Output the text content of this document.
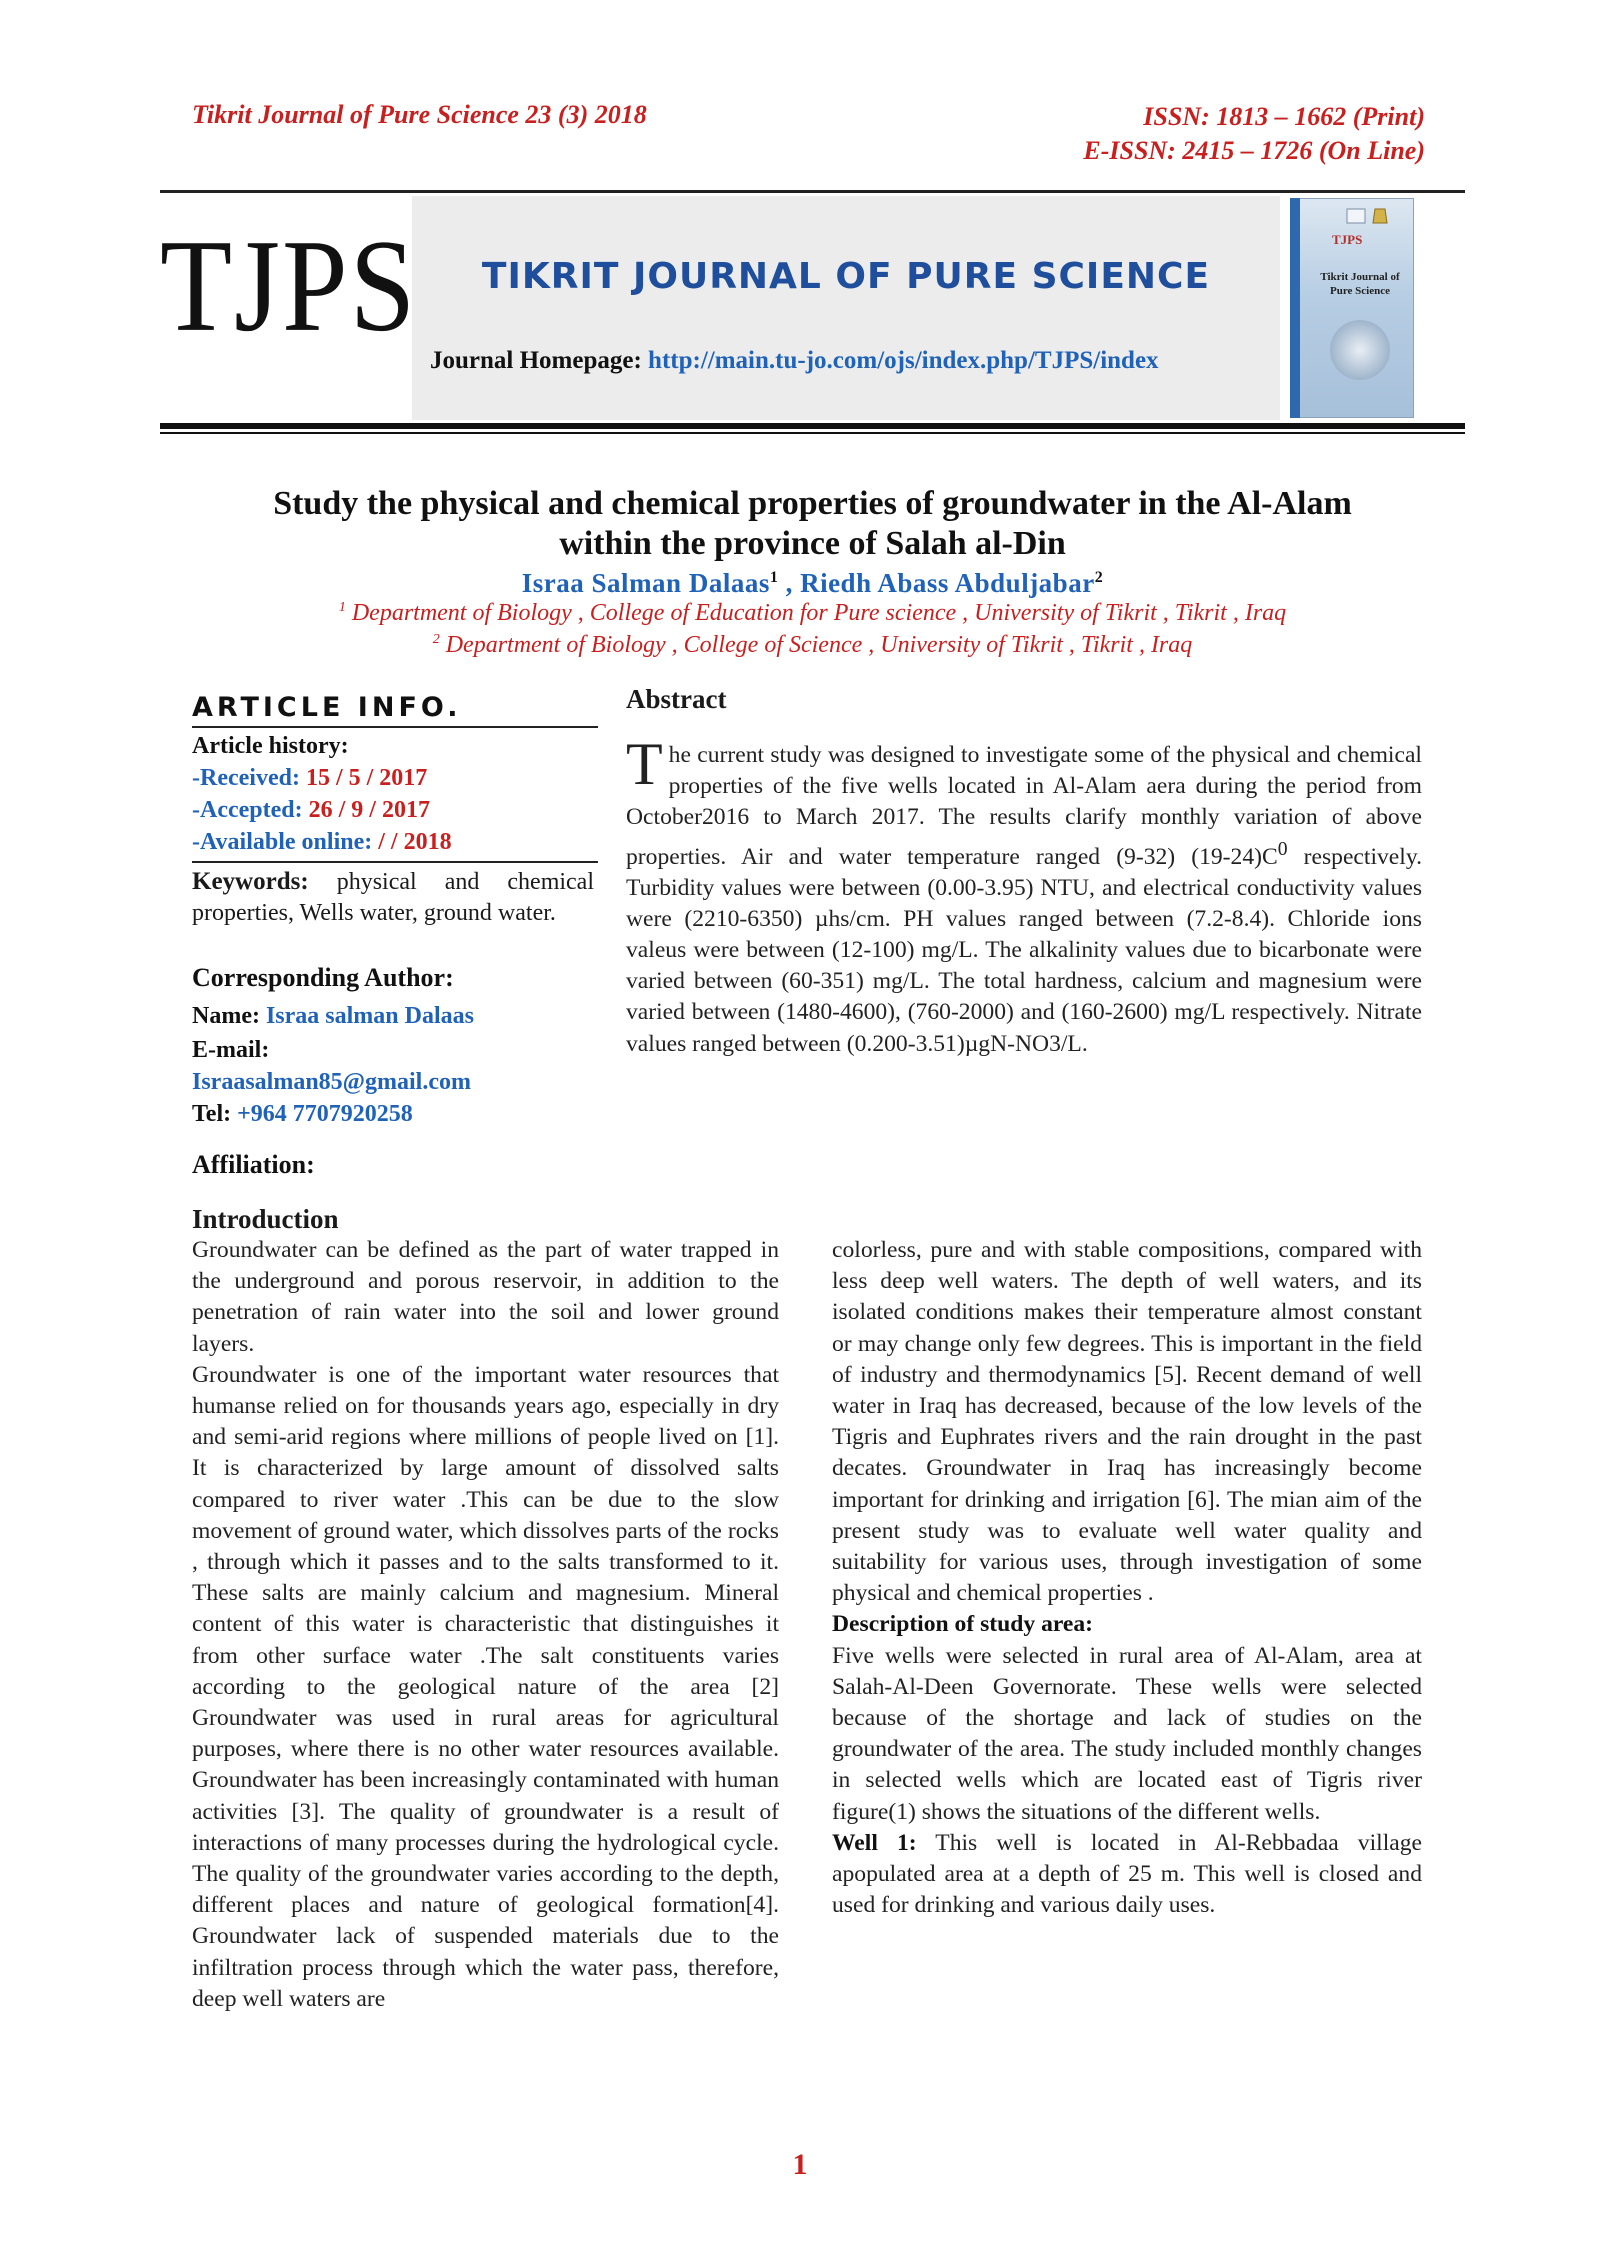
Tikrit Journal of Pure Science 23 (3) 2018	ISSN: 1813 – 1662 (Print)
E-ISSN: 2415 – 1726 (On Line)
TJPS	TIKRIT JOURNAL OF PURE SCIENCE
Journal Homepage: http://main.tu-jo.com/ojs/index.php/TJPS/index
TJPS
Tikrit Journal of Pure Science
Study the physical and chemical properties of groundwater in the Al-Alam
within the province of Salah al-Din
Israa Salman Dalaas$^1$ , Riedh Abass Abduljabar$^2$
$^1$ Department of Biology , College of Education for Pure science , University of Tikrit , Tikrit , Iraq
$^2$ Department of Biology , College of Science , University of Tikrit , Tikrit , Iraq
ARTICLE INFO.
Article history:
-Received: 15 / 5 / 2017
-Accepted: 26 / 9 / 2017
-Available online: / / 2018
Keywords: physical and chemical properties, Wells water, ground water.
Corresponding Author:
Name: Israa salman Dalaas
E-mail:
Israasalman85@gmail.com
Tel: +964 7707920258
Affiliation:
Abstract
The current study was designed to investigate some of the physical and chemical properties of the five wells located in Al-Alam aera during the period from October2016 to March 2017. The results clarify monthly variation of above properties. Air and water temperature ranged (9-32) $(19-24)C^0$ respectively. Turbidity values were between (0.00-3.95) NTU, and electrical conductivity values were (2210-6350) µhs/cm. PH values ranged between (7.2-8.4). Chloride ions valeus were between (12-100) mg/L. The alkalinity values due to bicarbonate were varied between (60-351) mg/L. The total hardness, calcium and magnesium were varied between (1480-4600), (760-2000) and (160-2600) mg/L respectively. Nitrate values ranged between (0.200-3.51)µgN-NO3/L.
Introduction

Groundwater can be defined as the part of water trapped in the underground and porous reservoir, in addition to the penetration of rain water into the soil and lower ground layers.

Groundwater is one of the important water resources that humanse relied on for thousands years ago, especially in dry and semi-arid regions where millions of people lived on [1]. It is characterized by large amount of dissolved salts compared to river water .This can be due to the slow movement of ground water, which dissolves parts of the rocks , through which it passes and to the salts transformed to it. These salts are mainly calcium and magnesium. Mineral content of this water is characteristic that distinguishes it from other surface water .The salt constituents varies according to the geological nature of the area [2] Groundwater was used in rural areas for agricultural purposes, where there is no other water resources available. Groundwater has been increasingly contaminated with human activities [3]. The quality of groundwater is a result of interactions of many processes during the hydrological cycle. The quality of the groundwater varies according to the depth, different places and nature of geological formation[4]. Groundwater lack of suspended materials due to the infiltration process through which the water pass, therefore, deep well waters are

colorless, pure and with stable compositions, compared with less deep well waters. The depth of well waters, and its isolated conditions makes their temperature almost constant or may change only few degrees. This is important in the field of industry and thermodynamics [5]. Recent demand of well water in Iraq has decreased, because of the low levels of the Tigris and Euphrates rivers and the rain drought in the past decates. Groundwater in Iraq has increasingly become important for drinking and irrigation [6]. The mian aim of the present study was to evaluate well water quality and suitability for various uses, through investigation of some physical and chemical properties .

Description of study area:

Five wells were selected in rural area of Al-Alam, area at Salah-Al-Deen Governorate. These wells were selected because of the shortage and lack of studies on the groundwater of the area. The study included monthly changes in selected wells which are located east of Tigris river figure(1) shows the situations of the different wells.

Well 1: This well is located in Al-Rebbadaa village apopulated area at a depth of 25 m. This well is closed and used for drinking and various daily uses.

1
